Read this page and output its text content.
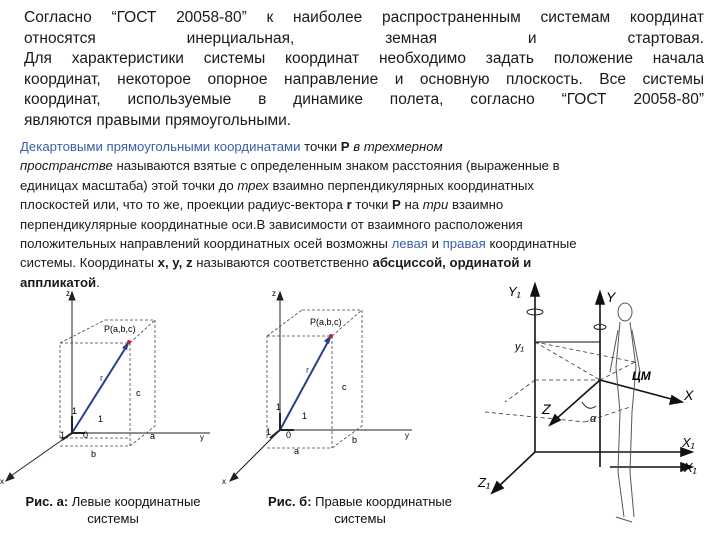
Согласно “ГОСТ 20058-80” к наиболее распространенным системам координат
относятся инерциальная, земная и стартовая.
Для характеристики системы координат необходимо задать положение начала
координат, некоторое опорное направление и основную плоскость. Все системы
координат, используемые в динамике полета, согласно “ГОСТ 20058-80”
являются правыми прямоугольными.
Декартовыми прямоугольными координатами точки P в трехмерном
пространстве называются взятые с определенным знаком расстояния (выраженные в
единицах масштаба) этой точки до трех взаимно перпендикулярных координатных
плоскостей или, что то же, проекции радиус-вектора r точки P на три взаимно
перпендикулярные координатные оси.В зависимости от взаимного расположения
положительных направлений координатных осей возможны левая и правая координатные
системы. Координаты x, y, z называются соответственно абсциссой, ординатой и
аппликатой.
P(a,b,c)
r
c
a
b
1
1
1 0
z
y
x
P(a,b,c)
r
c
b
a
1
1
1 0
z
y
x
Y₁	Y
y₁
ЦМ
X
Z
α
Z₁
X₁
X₁
Рис. а: Левые координатные
системы
Рис. б: Правые координатные
системы
